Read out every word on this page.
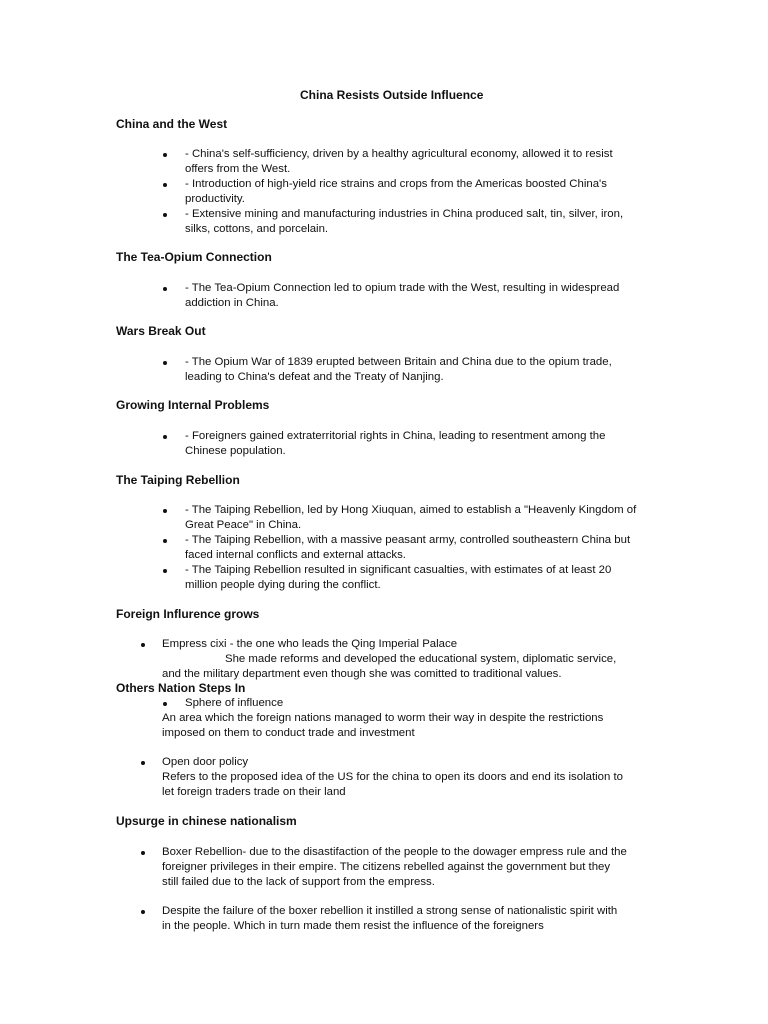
China Resists Outside Influence

China and the West

- China's self-sufficiency, driven by a healthy agricultural economy, allowed it to resist

offers from the West.

- Introduction of high-yield rice strains and crops from the Americas boosted China's

productivity.

- Extensive mining and manufacturing industries in China produced salt, tin, silver, iron,

silks, cottons, and porcelain.

The Tea-Opium Connection

- The Tea-Opium Connection led to opium trade with the West, resulting in widespread

addiction in China.

Wars Break Out

- The Opium War of 1839 erupted between Britain and China due to the opium trade,

leading to China's defeat and the Treaty of Nanjing.

Growing Internal Problems

- Foreigners gained extraterritorial rights in China, leading to resentment among the

Chinese population.

The Taiping Rebellion

- The Taiping Rebellion, led by Hong Xiuquan, aimed to establish a "Heavenly Kingdom of

Great Peace" in China.

- The Taiping Rebellion, with a massive peasant army, controlled southeastern China but

faced internal conflicts and external attacks.

- The Taiping Rebellion resulted in significant casualties, with estimates of at least 20

million people dying during the conflict.

Foreign Influrence grows

Empress cixi - the one who leads the Qing Imperial Palace

She made reforms and developed the educational system, diplomatic service,

and the military department even though she was comitted to traditional values.

Others Nation Steps In

Sphere of influence

An area which the foreign nations managed to worm their way in despite the restrictions

imposed on them to conduct trade and investment

Open door policy

Refers to the proposed idea of the US for the china to open its doors and end its isolation to

let foreign traders trade on their land

Upsurge in chinese nationalism

Boxer Rebellion- due to the disastifaction of the people to the dowager empress rule and the

foreigner privileges in their empire. The citizens rebelled against the government but they

still failed due to the lack of support from the empress.

Despite the failure of the boxer rebellion it instilled a strong sense of nationalistic spirit with

in the people. Which in turn made them resist the influence of the foreigners
